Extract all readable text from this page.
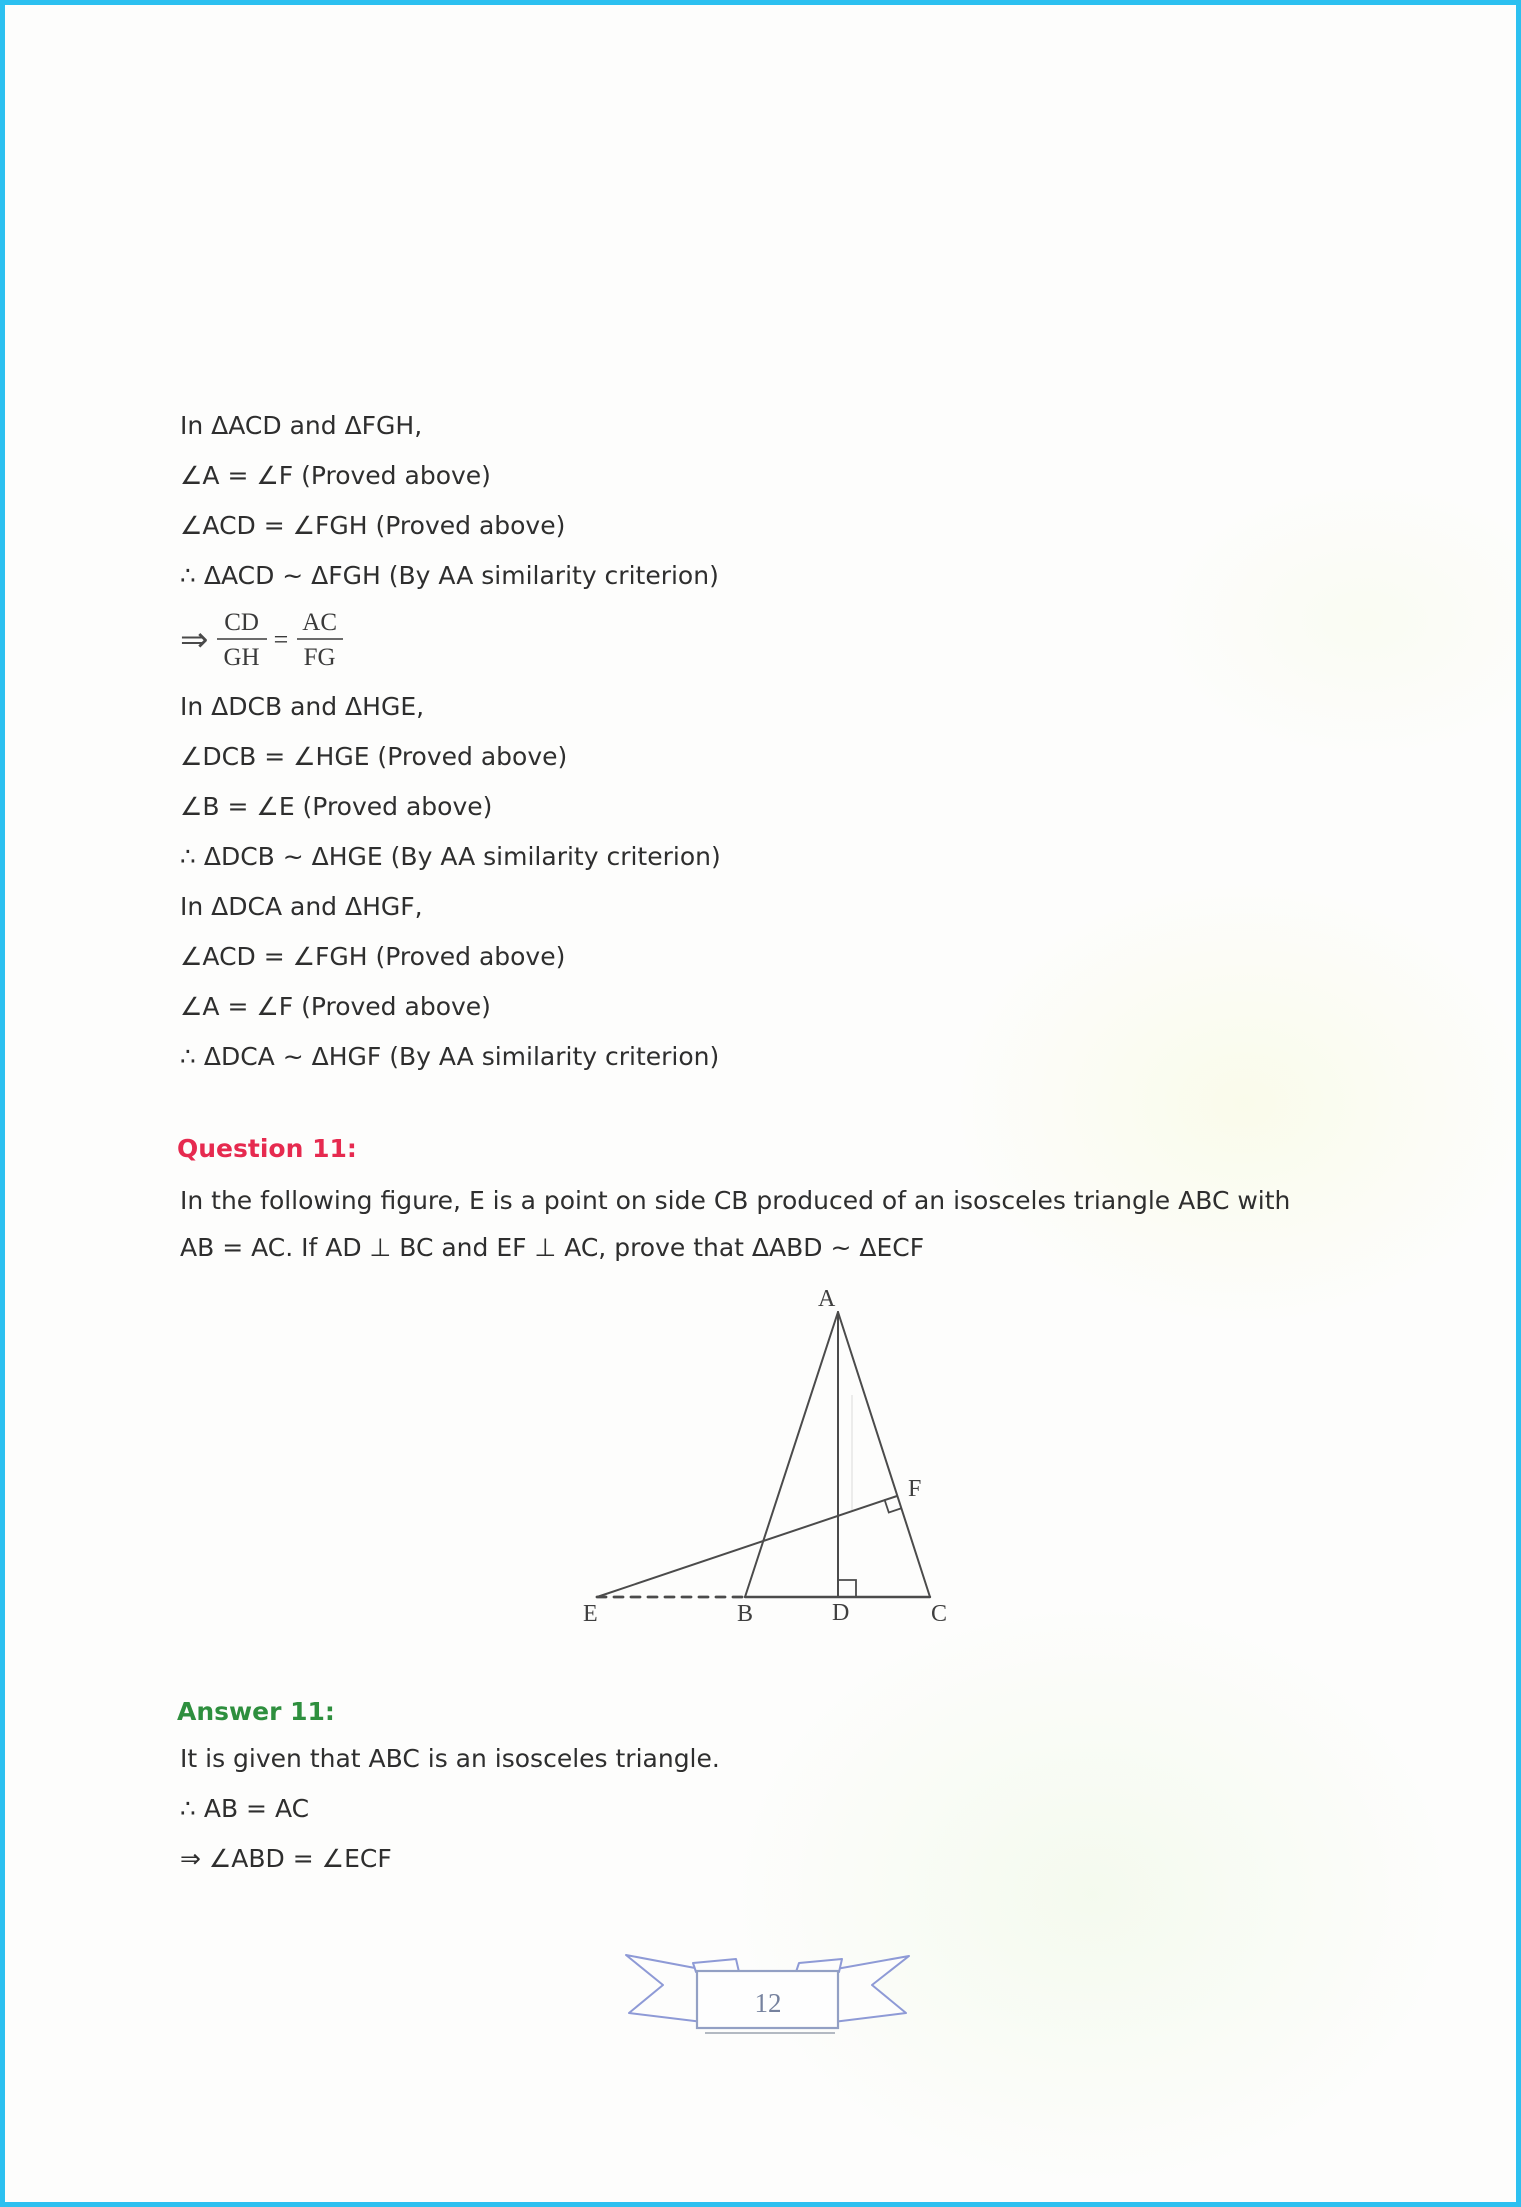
In ΔACD and ΔFGH,
∠A = ∠F (Proved above)
∠ACD = ∠FGH (Proved above)
∴ ΔACD ~ ΔFGH (By AA similarity criterion)
⇒ $\frac{CD}{GH} = \frac{AC}{FG}$
In ΔDCB and ΔHGE,
∠DCB = ∠HGE (Proved above)
∠B = ∠E (Proved above)
∴ ΔDCB ~ ΔHGE (By AA similarity criterion)
In ΔDCA and ΔHGF,
∠ACD = ∠FGH (Proved above)
∠A = ∠F (Proved above)
∴ ΔDCA ~ ΔHGF (By AA similarity criterion)
Question 11:
In the following figure, E is a point on side CB produced of an isosceles triangle ABC with
AB = AC. If AD ⊥ BC and EF ⊥ AC, prove that ΔABD ~ ΔECF
A
B	C
D
E
F
Answer 11:
It is given that ABC is an isosceles triangle.
∴ AB = AC
⇒ ∠ABD = ∠ECF
12
